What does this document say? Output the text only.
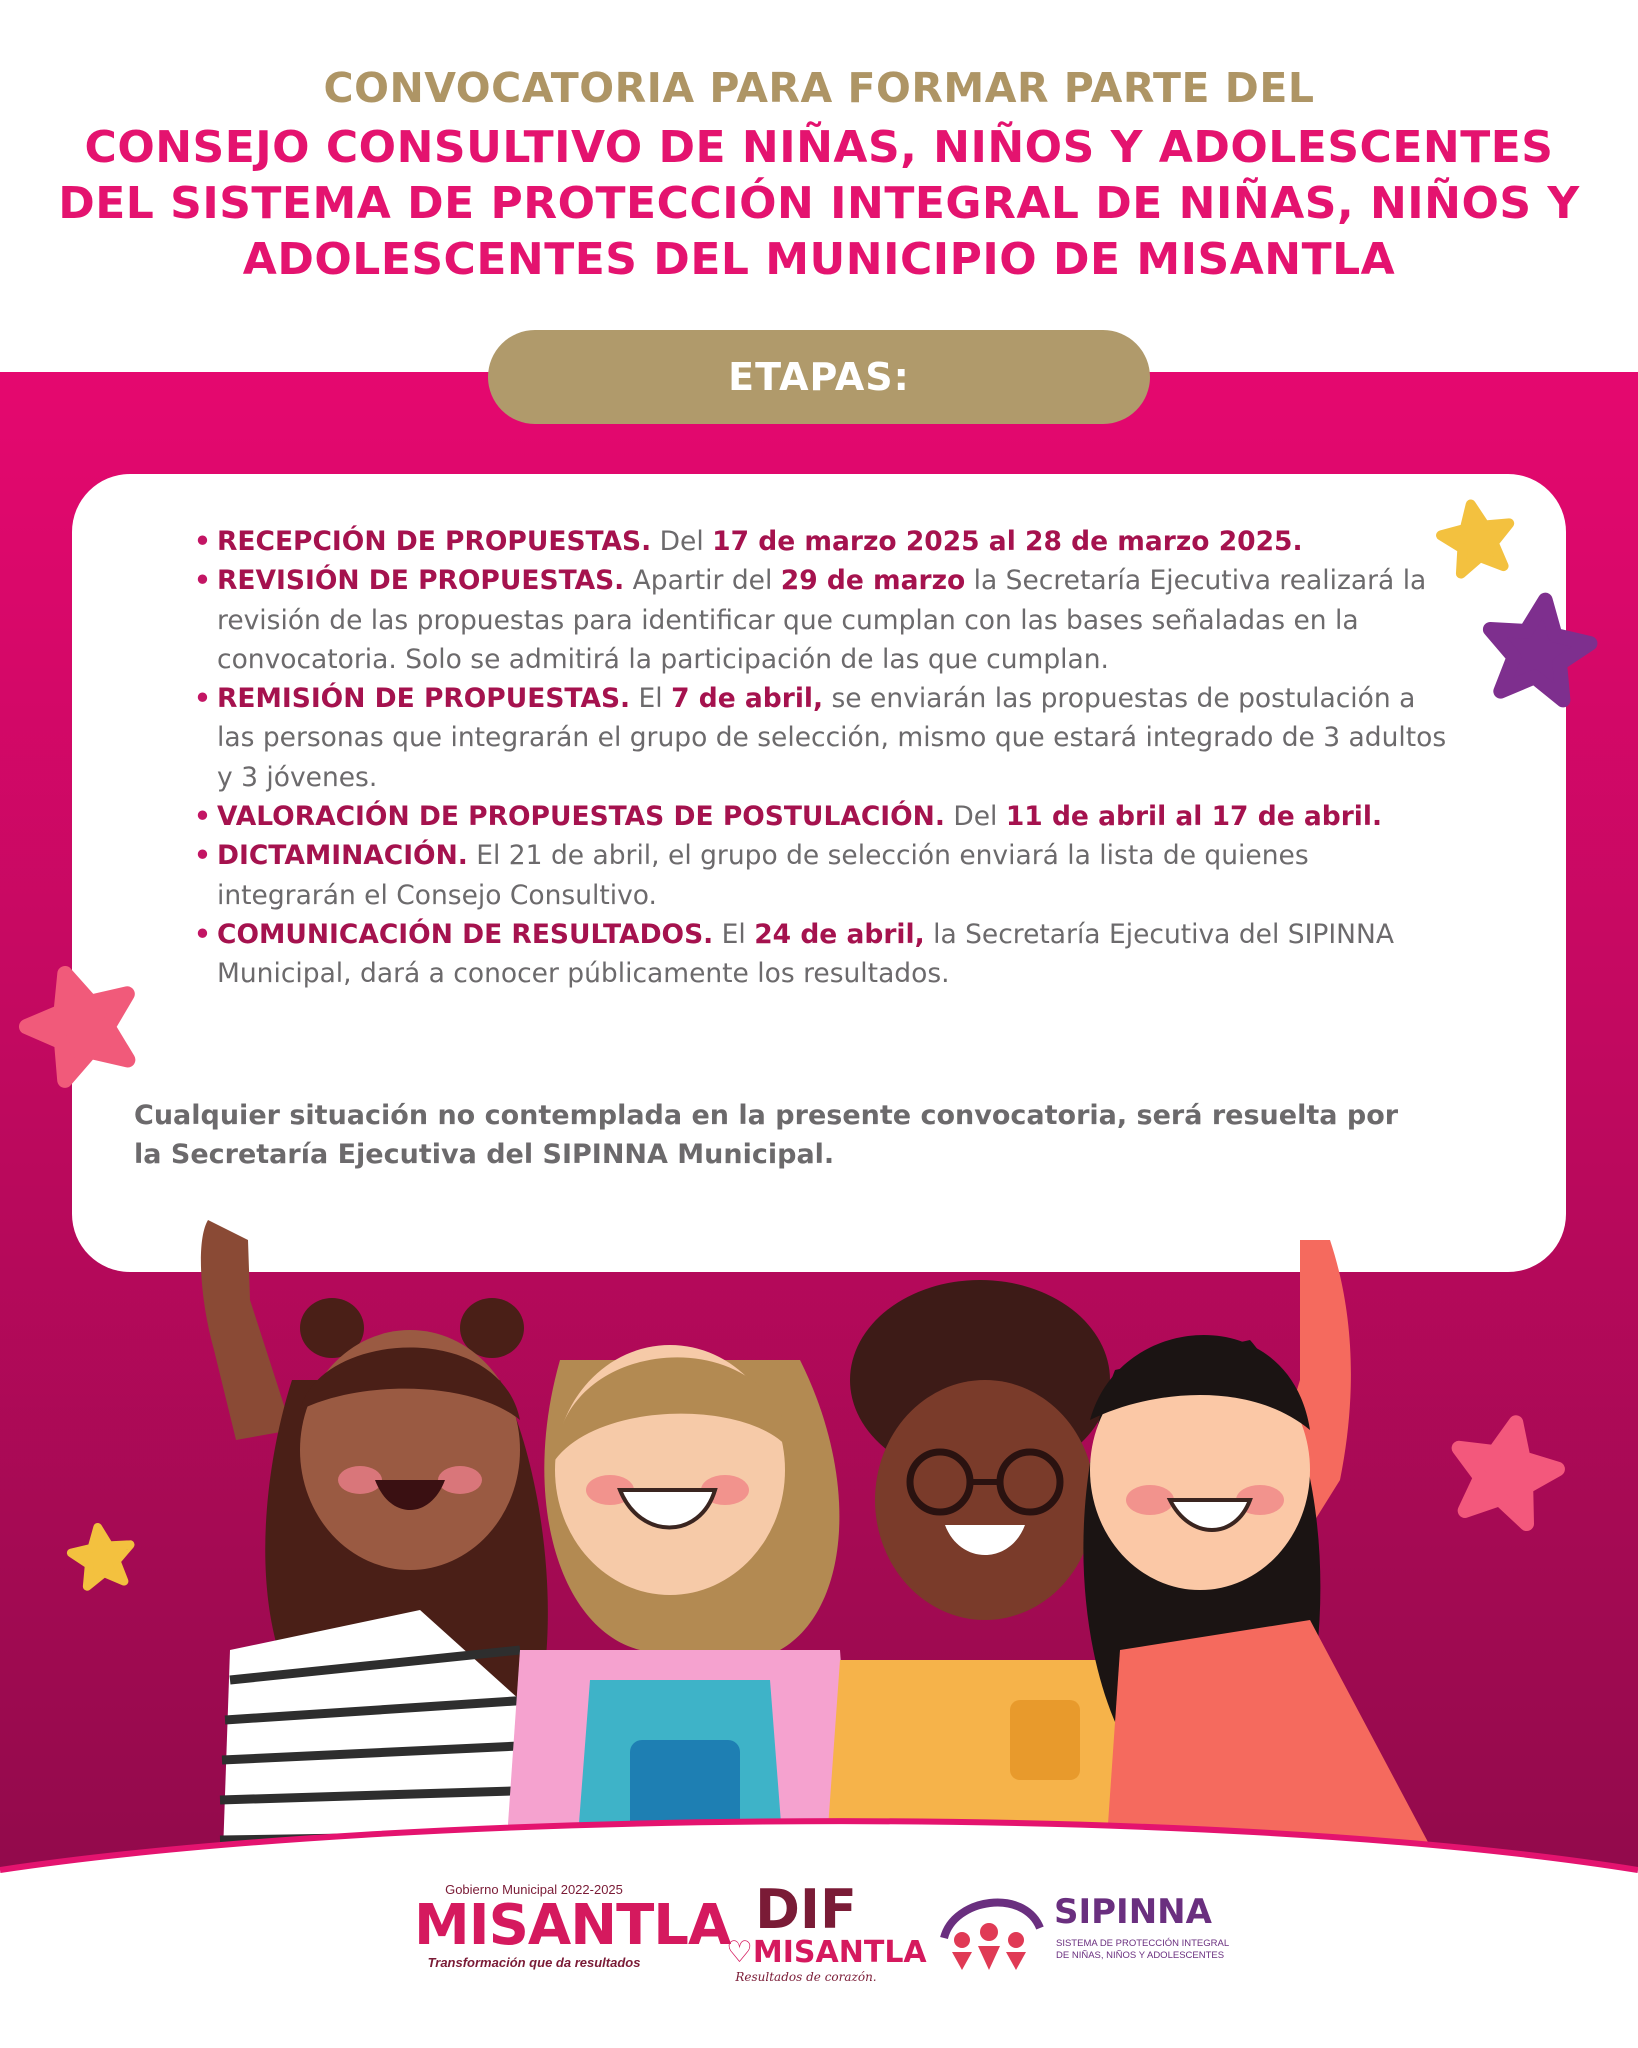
CONVOCATORIA PARA FORMAR PARTE DEL
CONSEJO CONSULTIVO DE NIÑAS, NIÑOS Y ADOLESCENTES
DEL SISTEMA DE PROTECCIÓN INTEGRAL DE NIÑAS, NIÑOS Y
ADOLESCENTES DEL MUNICIPIO DE MISANTLA
ETAPAS:
• RECEPCIÓN DE PROPUESTAS. Del 17 de marzo 2025 al 28 de marzo 2025.
• REVISIÓN DE PROPUESTAS. Apartir del 29 de marzo la Secretaría Ejecutiva realizará la revisión de las propuestas para identificar que cumplan con las bases señaladas en la convocatoria. Solo se admitirá la participación de las que cumplan.
• REMISIÓN DE PROPUESTAS. El 7 de abril, se enviarán las propuestas de postulación a las personas que integrarán el grupo de selección, mismo que estará integrado de 3 adultos y 3 jóvenes.
• VALORACIÓN DE PROPUESTAS DE POSTULACIÓN. Del 11 de abril al 17 de abril.
• DICTAMINACIÓN. El 21 de abril, el grupo de selección enviará la lista de quienes integrarán el Consejo Consultivo.
• COMUNICACIÓN DE RESULTADOS. El 24 de abril, la Secretaría Ejecutiva del SIPINNA Municipal, dará a conocer públicamente los resultados.
Cualquier situación no contemplada en la presente convocatoria, será resuelta por la Secretaría Ejecutiva del SIPINNA Municipal.
Gobierno Municipal 2022-2025
MISANTLA
Transformación que da resultados
DIF
♡MISANTLA
Resultados de corazón.
SIPINNA
SISTEMA DE PROTECCIÓN INTEGRAL
DE NIÑAS, NIÑOS Y ADOLESCENTES
